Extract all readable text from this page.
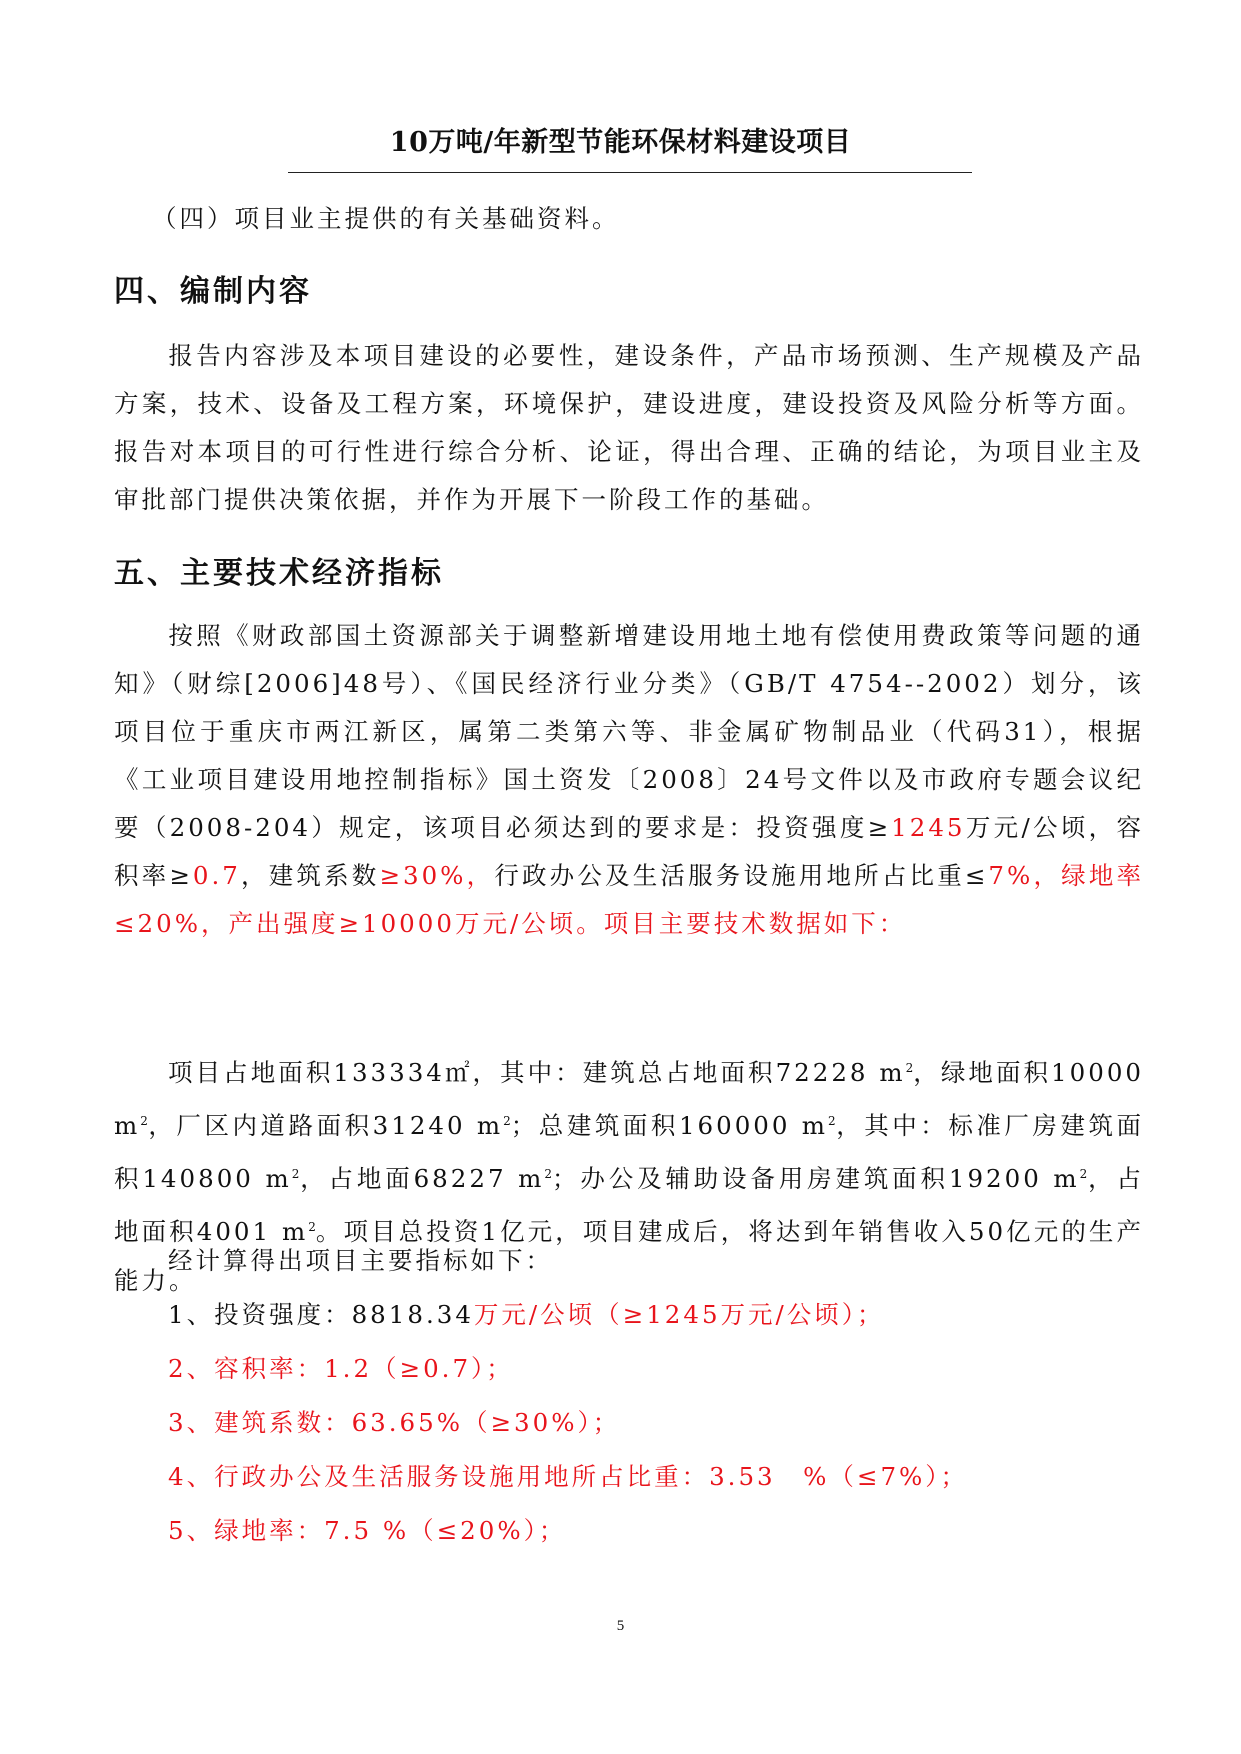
10万吨/年新型节能环保材料建设项目
（四）项目业主提供的有关基础资料。
四、编制内容
报告内容涉及本项目建设的必要性，建设条件，产品市场预测、生产规模及产品方案，技术、设备及工程方案，环境保护，建设进度，建设投资及风险分析等方面。报告对本项目的可行性进行综合分析、论证，得出合理、正确的结论，为项目业主及审批部门提供决策依据，并作为开展下一阶段工作的基础。
五、主要技术经济指标
按照《财政部国土资源部关于调整新增建设用地土地有偿使用费政策等问题的通知》（财综[2006]48号）、《国民经济行业分类》（GB/T 4754--2002）划分，该项目位于重庆市两江新区，属第二类第六等、非金属矿物制品业（代码31），根据《工业项目建设用地控制指标》国土资发〔2008〕24号文件以及市政府专题会议纪要（2008-204）规定，该项目必须达到的要求是：投资强度≥1245万元/公顷，容积率≥0.7，建筑系数≥30%，行政办公及生活服务设施用地所占比重≤7%，绿地率≤20%，产出强度≥10000万元/公顷。项目主要技术数据如下：
项目占地面积133334㎡，其中：建筑总占地面积72228 $m^2$，绿地面积10000 $m^2$，厂区内道路面积31240 $m^2$；总建筑面积160000 $m^2$，其中：标准厂房建筑面积140800 $m^2$，占地面68227 $m^2$；办公及辅助设备用房建筑面积19200 $m^2$，占地面积4001 $m^2$。项目总投资1亿元，项目建成后，将达到年销售收入50亿元的生产能力。
经计算得出项目主要指标如下：
1、投资强度：8818.34万元/公顷（≥1245万元/公顷）；
2、容积率：1.2（≥0.7）；
3、建筑系数：63.65%（≥30%）；
4、行政办公及生活服务设施用地所占比重：3.53　%（≤7%）；
5、绿地率：7.5 %（≤20%）；
5
